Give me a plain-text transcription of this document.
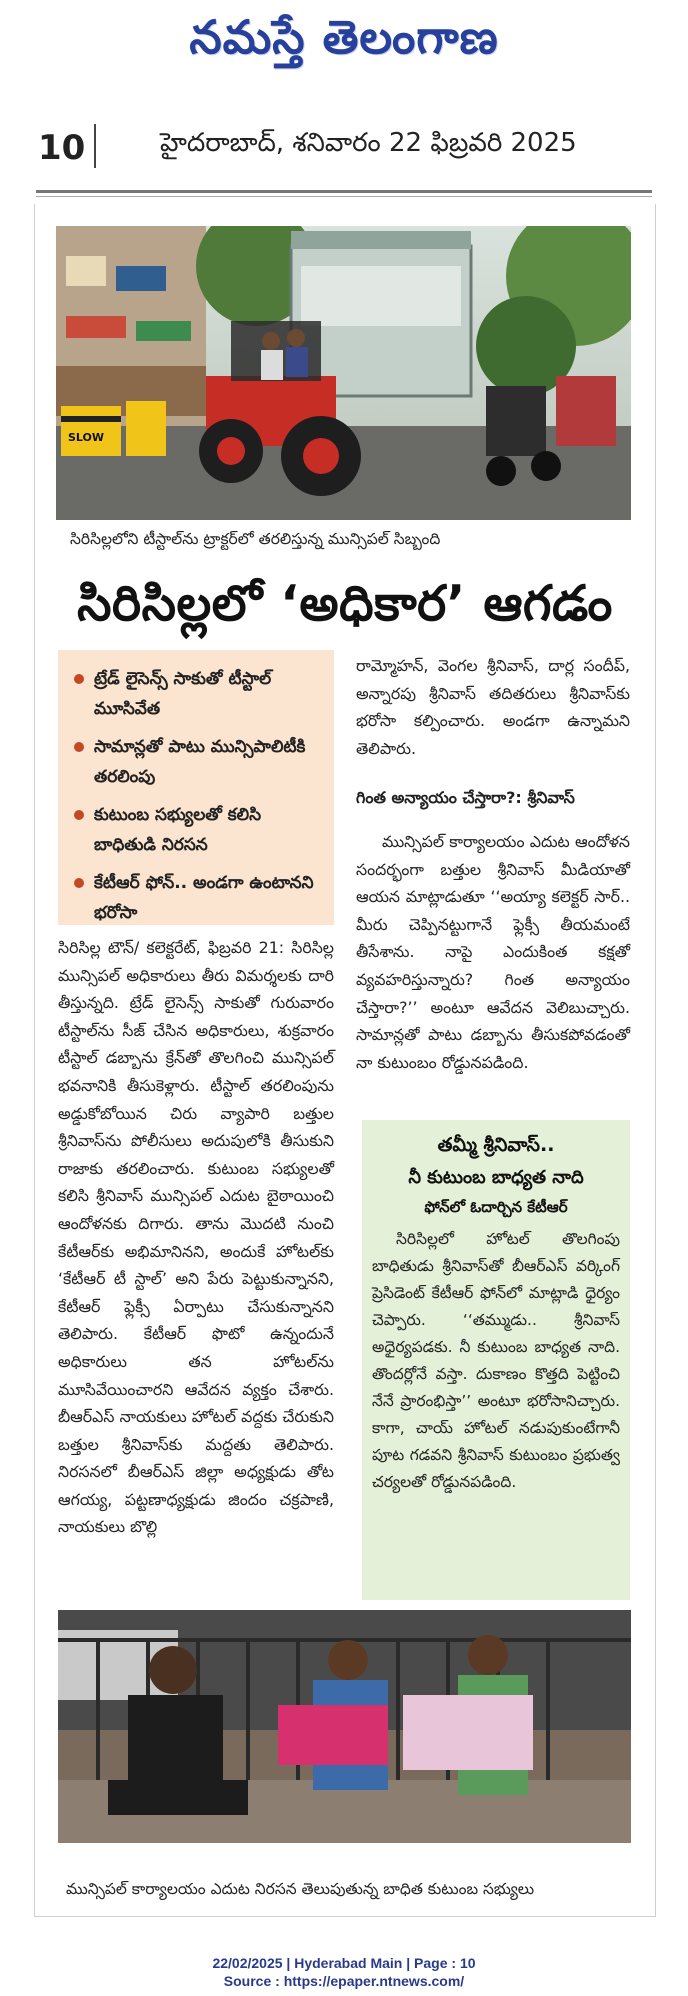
నమస్తే తెలంగాణ
10	హైదరాబాద్, శనివారం 22 ఫిబ్రవరి 2025
SLOW
సిరిసిల్లలోని టీస్టాల్‌ను ట్రాక్టర్‌లో తరలిస్తున్న మున్సిపల్ సిబ్బంది
సిరిసిల్లలో ‘అధికార’ ఆగడం
ట్రేడ్ లైసెన్స్ సాకుతో టీస్టాల్ మూసివేత
సామాన్లతో పాటు మున్సిపాలిటీకి తరలింపు
కుటుంబ సభ్యులతో కలిసి బాధితుడి నిరసన
కేటీఆర్ ఫోన్.. అండగా ఉంటానని భరోసా
సిరిసిల్ల టౌన్/ కలెక్టరేట్, ఫిబ్రవరి 21: సిరిసిల్ల మున్సిపల్ అధికారులు తీరు విమర్శలకు దారి తీస్తున్నది. ట్రేడ్ లైసెన్స్ సాకుతో గురువారం టీస్టాల్‌ను సీజ్ చేసిన అధికారులు, శుక్రవారం టీస్టాల్ డబ్బాను క్రేన్‌తో తొలగించి మున్సిపల్ భవనానికి తీసుకెళ్లారు. టీస్టాల్ తరలింపును అడ్డుకోబోయిన చిరు వ్యాపారి బత్తుల శ్రీనివాస్‌ను పోలీసులు అదుపులోకి తీసుకుని రాజాకు తరలించారు. కుటుంబ సభ్యులతో కలిసి శ్రీనివాస్ మున్సిపల్ ఎదుట బైఠాయించి ఆందోళనకు దిగారు. తాను మొదటి నుంచి కేటీఆర్‌కు అభిమానినని, అందుకే హోటల్‌కు ‘కేటీఆర్ టీ స్టాల్’ అని పేరు పెట్టుకున్నానని, కేటీఆర్ ఫ్లెక్సీ ఏర్పాటు చేసుకున్నానని తెలిపారు. కేటీఆర్ ఫొటో ఉన్నందునే అధికారులు తన హోటల్‌ను మూసివేయించారని ఆవేదన వ్యక్తం చేశారు. బీఆర్‌ఎస్ నాయకులు హోటల్ వద్దకు చేరుకుని బత్తుల శ్రీనివాస్‌కు మద్దతు తెలిపారు. నిరసనలో బీఆర్‌ఎస్ జిల్లా అధ్యక్షుడు తోట ఆగయ్య, పట్టణాధ్యక్షుడు జిందం చక్రపాణి, నాయకులు బొల్లి
రామ్మోహన్, వెంగల శ్రీనివాస్, దార్ల సందీప్, అన్నారపు శ్రీనివాస్ తదితరులు శ్రీనివాస్‌కు భరోసా కల్పించారు. అండగా ఉన్నామని తెలిపారు.
గింత అన్యాయం చేస్తారా?: శ్రీనివాస్
మున్సిపల్ కార్యాలయం ఎదుట ఆందోళన సందర్భంగా బత్తుల శ్రీనివాస్ మీడియాతో ఆయన మాట్లాడుతూ ‘‘అయ్యా కలెక్టర్ సార్.. మీరు చెప్పినట్టుగానే ఫ్లెక్సీ తీయమంటే తీసేశాను. నాపై ఎందుకింత కక్షతో వ్యవహరిస్తున్నారు? గింత అన్యాయం చేస్తారా?’’ అంటూ ఆవేదన వెలిబుచ్చారు. సామాన్లతో పాటు డబ్బాను తీసుకపోవడంతో నా కుటుంబం రోడ్డునపడింది.
తమ్మీ శ్రీనివాస్..
నీ కుటుంబ బాధ్యత నాది
ఫోన్‌లో ఓదార్చిన కేటీఆర్
సిరిసిల్లలో హోటల్ తొలగింపు బాధితుడు శ్రీనివాస్‌తో బీఆర్‌ఎస్ వర్కింగ్ ప్రెసిడెంట్ కేటీఆర్ ఫోన్‌లో మాట్లాడి ధైర్యం చెప్పారు. ‘‘తమ్ముడు.. శ్రీనివాస్ అధైర్యపడకు. నీ కుటుంబ బాధ్యత నాది. తొందర్లోనే వస్తా. దుకాణం కొత్తది పెట్టించి నేనే ప్రారంభిస్తా’’ అంటూ భరోసానిచ్చారు. కాగా, చాయ్ హోటల్ నడుపుకుంటేగానీ పూట గడవని శ్రీనివాస్ కుటుంబం ప్రభుత్వ చర్యలతో రోడ్డునపడింది.
మున్సిపల్ కార్యాలయం ఎదుట నిరసన తెలుపుతున్న బాధిత కుటుంబ సభ్యులు
22/02/2025 | Hyderabad Main | Page : 10
Source : https://epaper.ntnews.com/
